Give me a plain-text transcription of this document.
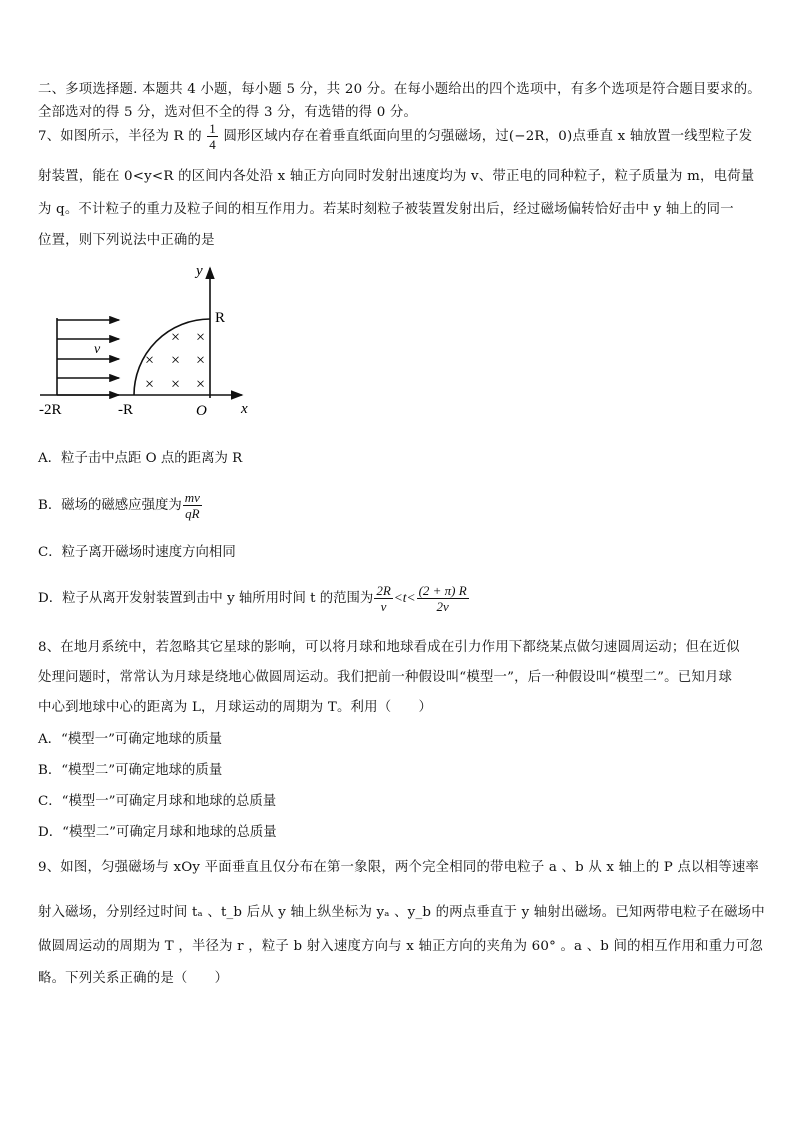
二、多项选择题. 本题共 4 小题，每小题 5 分，共 20 分。在每小题给出的四个选项中，有多个选项是符合题目要求的。
全部选对的得 5 分，选对但不全的得 3 分，有选错的得 0 分。
7、如图所示，半径为 R 的 $\frac{1}{4}$ 圆形区域内存在着垂直纸面向里的匀强磁场，过(−2R，0)点垂直 x 轴放置一线型粒子发
射装置，能在 0<y<R 的区间内各处沿 x 轴正方向同时发射出速度均为 v、带正电的同种粒子，粒子质量为 m，电荷量
为 q。不计粒子的重力及粒子间的相互作用力。若某时刻粒子被装置发射出后，经过磁场偏转恰好击中 y 轴上的同一
位置，则下列说法中正确的是
y
x
v
× ×
× × ×
× × ×
R
-R
-2R	O
A．粒子击中点距 O 点的距离为 R
B．磁场的磁感应强度为 $\frac{mv}{qR}$
C．粒子离开磁场时速度方向相同
D．粒子从离开发射装置到击中 y 轴所用时间 t 的范围为 $\frac{2R}{v} <t< \frac{(2 + \pi) R}{2v}$
8、在地月系统中，若忽略其它星球的影响，可以将月球和地球看成在引力作用下都绕某点做匀速圆周运动；但在近似
处理问题时，常常认为月球是绕地心做圆周运动。我们把前一种假设叫“模型一”，后一种假设叫“模型二”。已知月球
中心到地球中心的距离为 L，月球运动的周期为 T。利用（　　）
A．“模型一”可确定地球的质量
B．“模型二”可确定地球的质量
C．“模型一”可确定月球和地球的总质量
D．“模型二”可确定月球和地球的总质量
9、如图，匀强磁场与 xOy 平面垂直且仅分布在第一象限，两个完全相同的带电粒子 a 、b 从 x 轴上的 P 点以相等速率
射入磁场，分别经过时间 tₐ 、t_b 后从 y 轴上纵坐标为 yₐ 、y_b 的两点垂直于 y 轴射出磁场。已知两带电粒子在磁场中
做圆周运动的周期为 T ，半径为 r ，粒子 b 射入速度方向与 x 轴正方向的夹角为 60° 。a 、b 间的相互作用和重力可忽
略。下列关系正确的是（　　）
